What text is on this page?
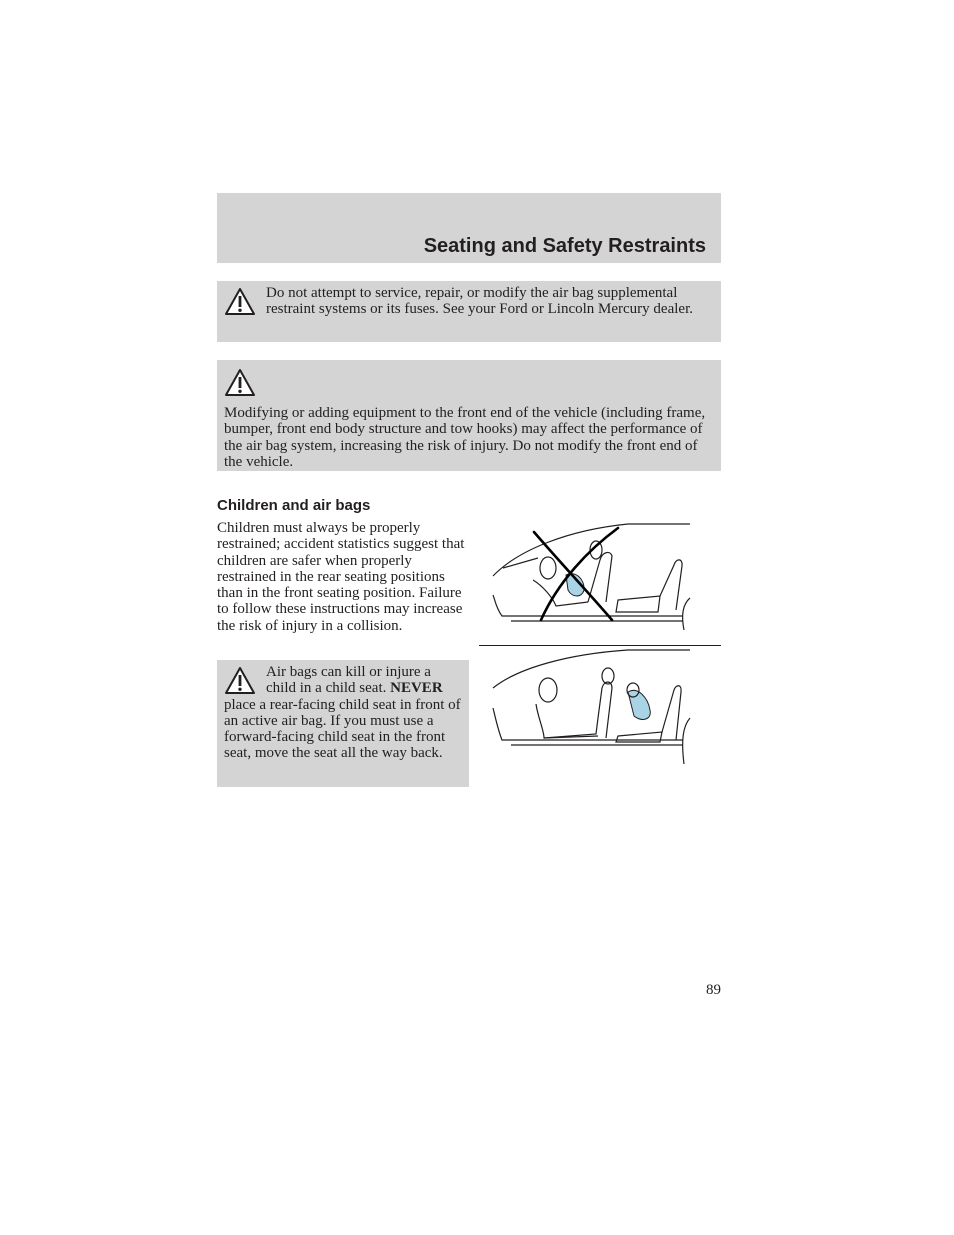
Seating and Safety Restraints
Do not attempt to service, repair, or modify the air bag supplemental restraint systems or its fuses. See your Ford or Lincoln Mercury dealer.
Modifying or adding equipment to the front end of the vehicle (including frame, bumper, front end body structure and tow hooks) may affect the performance of the air bag system, increasing the risk of injury. Do not modify the front end of the vehicle.
Children and air bags
Children must always be properly restrained; accident statistics suggest that children are safer when properly restrained in the rear seating positions than in the front seating position. Failure to follow these instructions may increase the risk of injury in a collision.
Air bags can kill or injure a child in a child seat. NEVER place a rear-facing child seat in front of an active air bag. If you must use a forward-facing child seat in the front seat, move the seat all the way back.
89
